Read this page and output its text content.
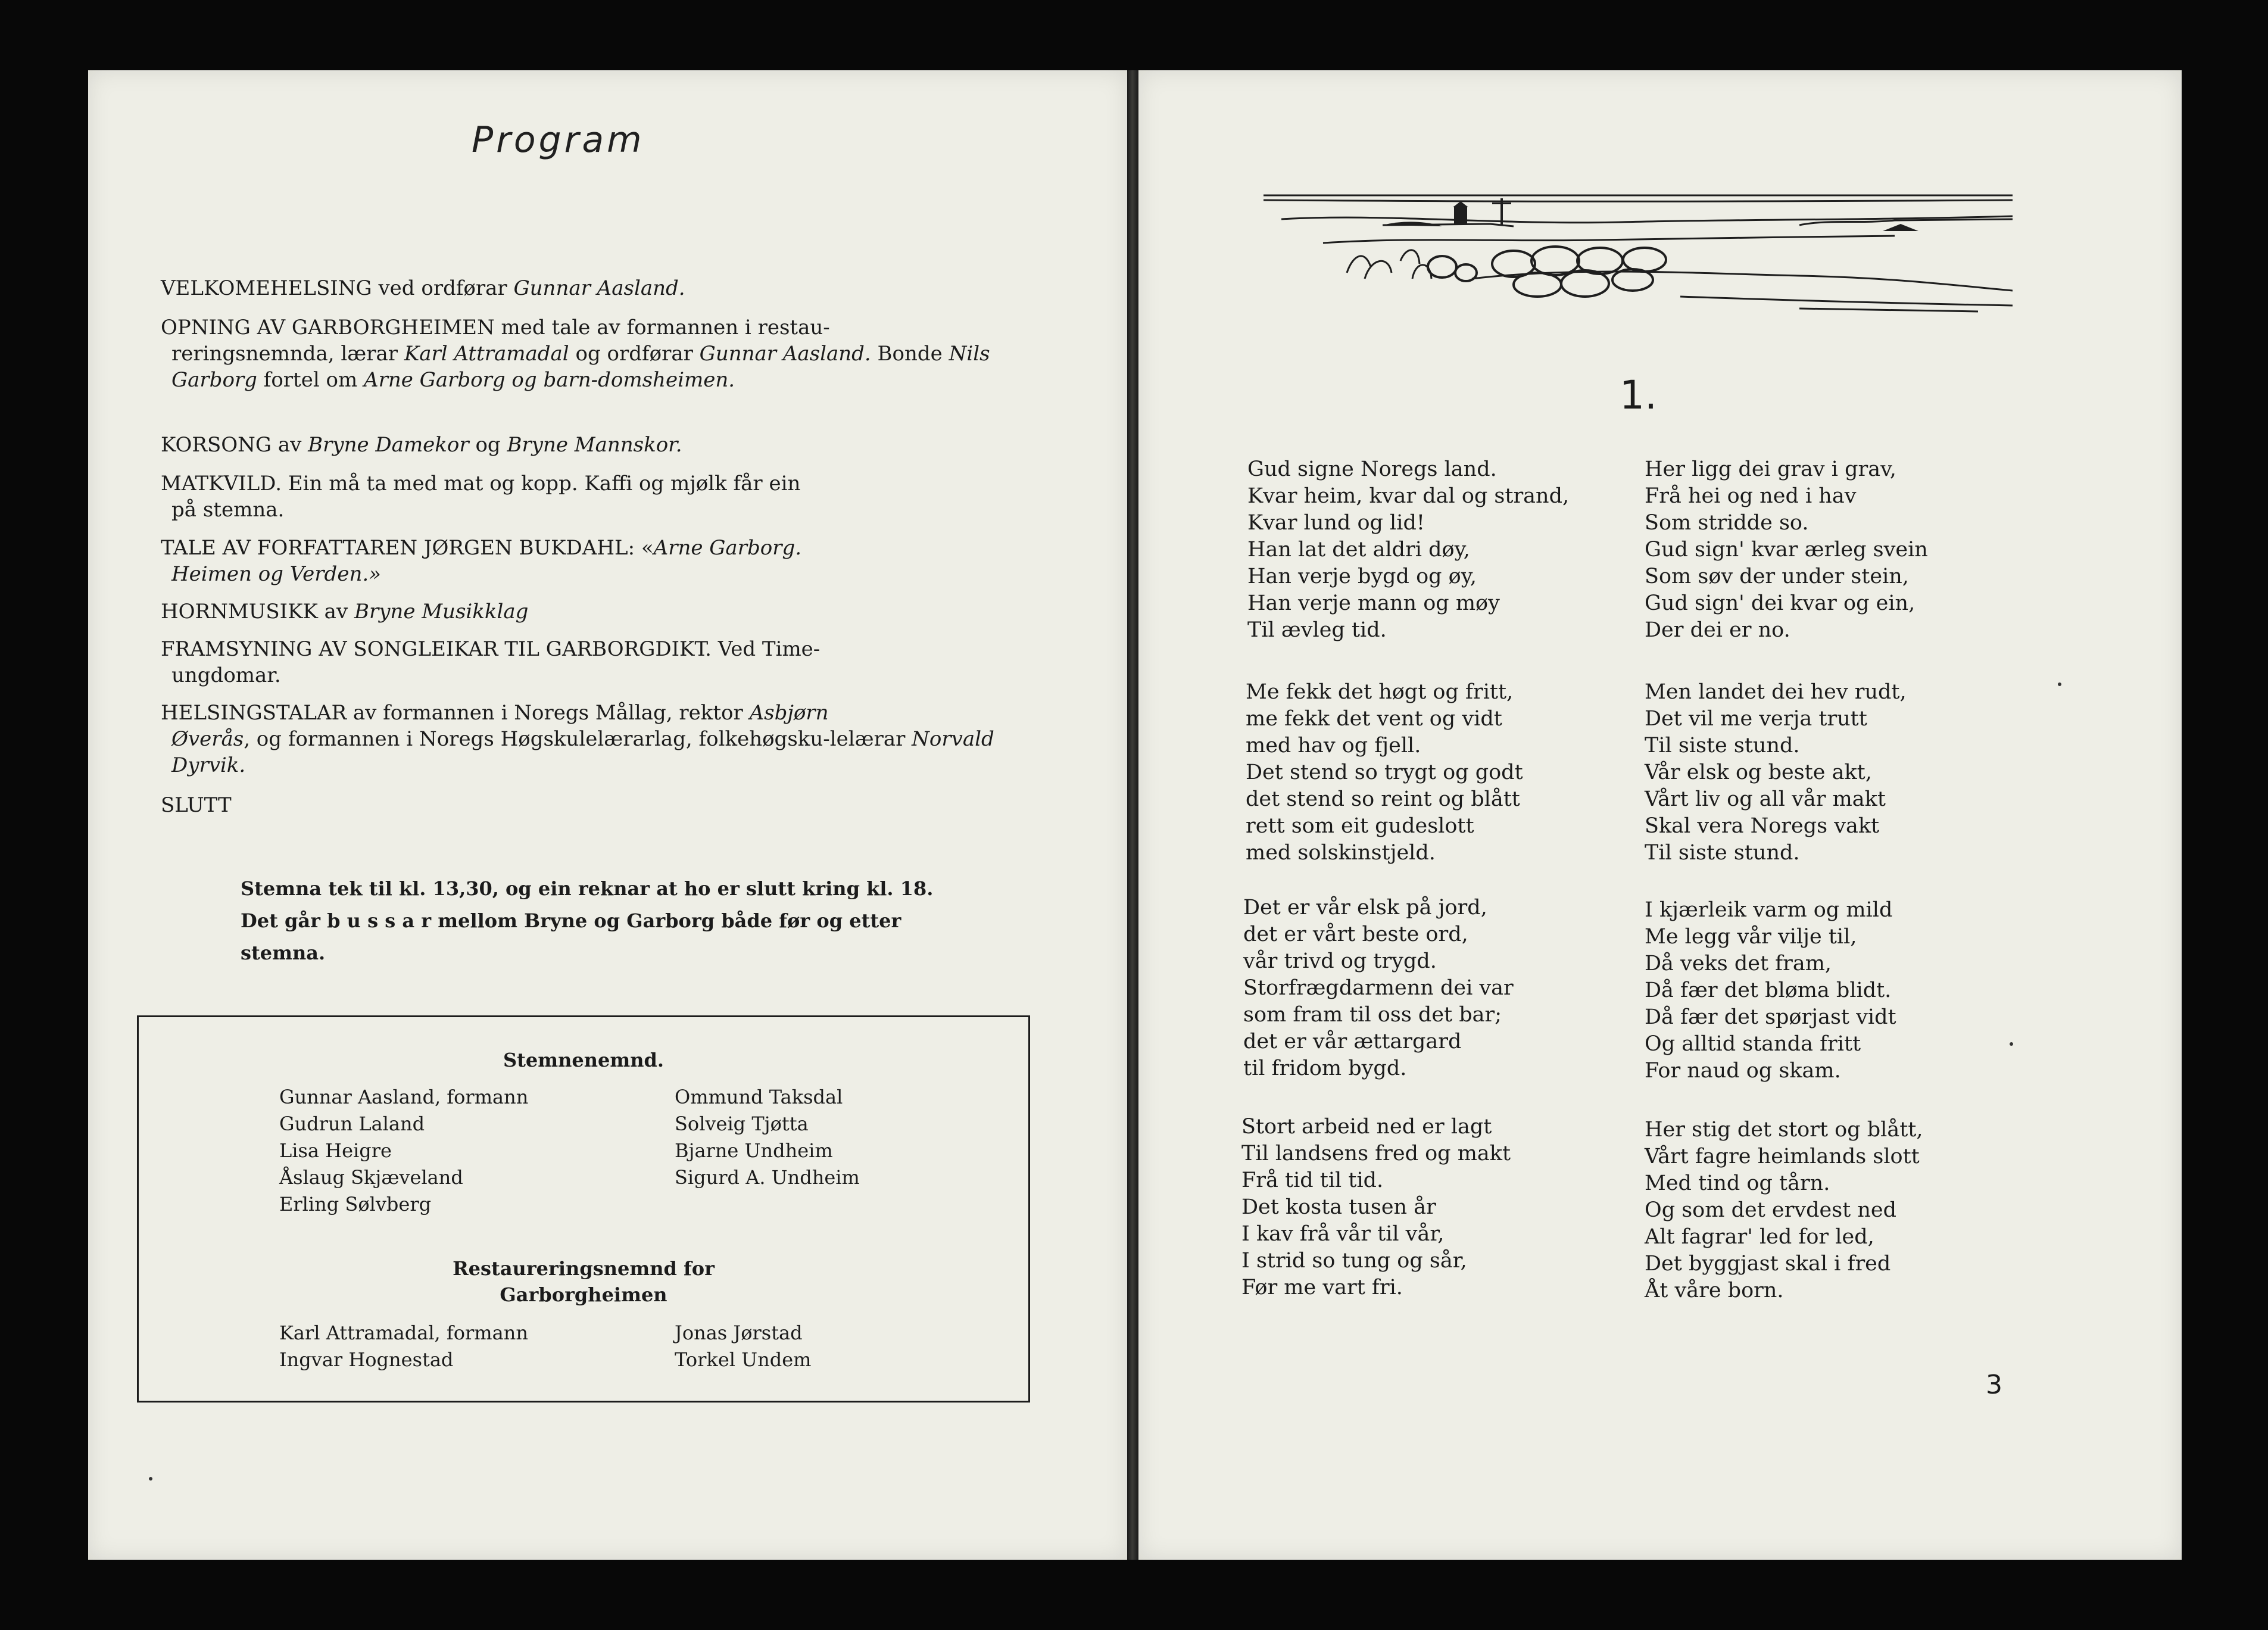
Program

VELKOMEHELSING ved ordførar Gunnar Aasland.

OPNING AV GARBORGHEIMEN med tale av formannen i restau-
reringsnemnda, lærar Karl Attramadal og ordførar Gunnar Aasland. Bonde Nils Garborg fortel om Arne Garborg og barn-domsheimen.

KORSONG av Bryne Damekor og Bryne Mannskor.

MATKVILD. Ein må ta med mat og kopp. Kaffi og mjølk får ein
på stemna.

TALE AV FORFATTAREN JØRGEN BUKDAHL: «Arne Garborg.
Heimen og Verden.»

HORNMUSIKK av Bryne Musikklag

FRAMSYNING AV SONGLEIKAR TIL GARBORGDIKT. Ved Time-
ungdomar.

HELSINGSTALAR av formannen i Noregs Mållag, rektor Asbjørn
Øverås, og formannen i Noregs Høgskulelærarlag, folkehøgsku-lelærar Norvald Dyrvik.

SLUTT

Stemna tek til kl. 13,30, og ein reknar at ho er slutt kring kl. 18. Det går b u s s a r mellom Bryne og Garborg både før og etter stemna.

Stemnenemnd.

Gunnar Aasland, formann
Gudrun Laland
Lisa Heigre
Åslaug Skjæveland
Erling Sølvberg
Ommund Taksdal
Solveig Tjøtta
Bjarne Undheim
Sigurd A. Undheim

Restaureringsnemnd for

Garborgheimen

Karl Attramadal, formann
Ingvar Hognestad
Jonas Jørstad
Torkel Undem
1.
Gud signe Noregs land.
Kvar heim, kvar dal og strand,
Kvar lund og lid!
Han lat det aldri døy,
Han verje bygd og øy,
Han verje mann og møy
Til ævleg tid.
Me fekk det høgt og fritt,
me fekk det vent og vidt
med hav og fjell.
Det stend so trygt og godt
det stend so reint og blått
rett som eit gudeslott
med solskinstjeld.
Det er vår elsk på jord,
det er vårt beste ord,
vår trivd og trygd.
Storfrægdarmenn dei var
som fram til oss det bar;
det er vår ættargard
til fridom bygd.
Stort arbeid ned er lagt
Til landsens fred og makt
Frå tid til tid.
Det kosta tusen år
I kav frå vår til vår,
I strid so tung og sår,
Før me vart fri.
Her ligg dei grav i grav,
Frå hei og ned i hav
Som stridde so.
Gud sign' kvar ærleg svein
Som søv der under stein,
Gud sign' dei kvar og ein,
Der dei er no.
Men landet dei hev rudt,
Det vil me verja trutt
Til siste stund.
Vår elsk og beste akt,
Vårt liv og all vår makt
Skal vera Noregs vakt
Til siste stund.
I kjærleik varm og mild
Me legg vår vilje til,
Då veks det fram,
Då fær det bløma blidt.
Då fær det spørjast vidt
Og alltid standa fritt
For naud og skam.
Her stig det stort og blått,
Vårt fagre heimlands slott
Med tind og tårn.
Og som det ervdest ned
Alt fagrar' led for led,
Det byggjast skal i fred
Åt våre born.
3
